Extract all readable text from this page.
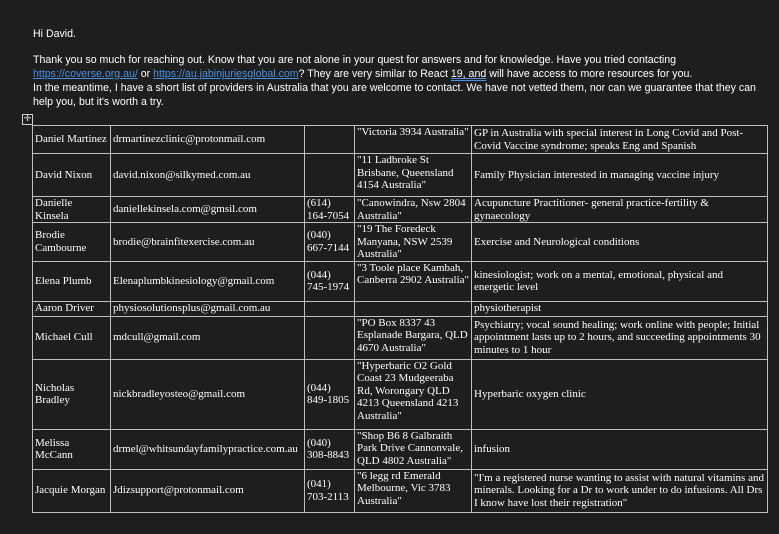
Hi David.

Thank you so much for reaching out. Know that you are not alone in your quest for answers and for knowledge. Have you tried contacting
https://coverse.org.au/ or https://au.jabinjuriesglobal.com? They are very similar to React 19, and will have access to more resources for you.

In the meantime, I have a short list of providers in Australia that you are welcome to contact. We have not vetted them, nor can we guarantee that they can help you, but it's worth a try.

✛
Daniel Martinez	drmartinezclinic@protonmail.com		"Victoria 3934 Australia"	GP in Australia with special interest in Long Covid and Post-Covid Vaccine syndrome; speaks Eng and Spanish
David Nixon	david.nixon@silkymed.com.au		"11 Ladbroke St Brisbane, Queensland 4154 Australia"	Family Physician interested in managing vaccine injury
Danielle Kinsela	daniellekinsela.com@gmsil.com	(614) 164-7054	"Canowindra, Nsw 2804 Australia"	Acupuncture Practitioner- general practice-fertility & gynaecology
Brodie Cambourne	brodie@brainfitexercise.com.au	(040) 667-7144	"19 The Foredeck Manyana, NSW 2539 Australia"	Exercise and Neurological conditions
Elena Plumb	Elenaplumbkinesiology@gmail.com	(044) 745-1974	"3 Toole place Kambah, Canberra 2902 Australia"	kinesiologist; work on a mental, emotional, physical and energetic level
Aaron Driver	physiosolutionsplus@gmail.com.au			physiotherapist
Michael Cull	mdcull@gmail.com		"PO Box 8337 43 Esplanade Bargara, QLD 4670 Australia"	Psychiatry; vocal sound healing; work online with people; Initial appointment lasts up to 2 hours, and succeeding appointments 30 minutes to 1 hour
Nicholas Bradley	nickbradleyosteo@gmail.com	(044) 849-1805	"Hyperbaric O2 Gold Coast 23 Mudgeeraba Rd, Worongary QLD 4213 Queensland 4213 Australia"	Hyperbaric oxygen clinic
Melissa McCann	drmel@whitsundayfamilypractice.com.au	(040) 308-8843	"Shop B6 8 Galbraith Park Drive Cannonvale, QLD 4802 Australia"	infusion
Jacquie Morgan	Jdizsupport@protonmail.com	(041) 703-2113	"6 legg rd Emerald Melbourne, Vic 3783 Australia"	"I'm a registered nurse wanting to assist with natural vitamins and minerals. Looking for a Dr to work under to do infusions. All Drs I know have lost their registration"
